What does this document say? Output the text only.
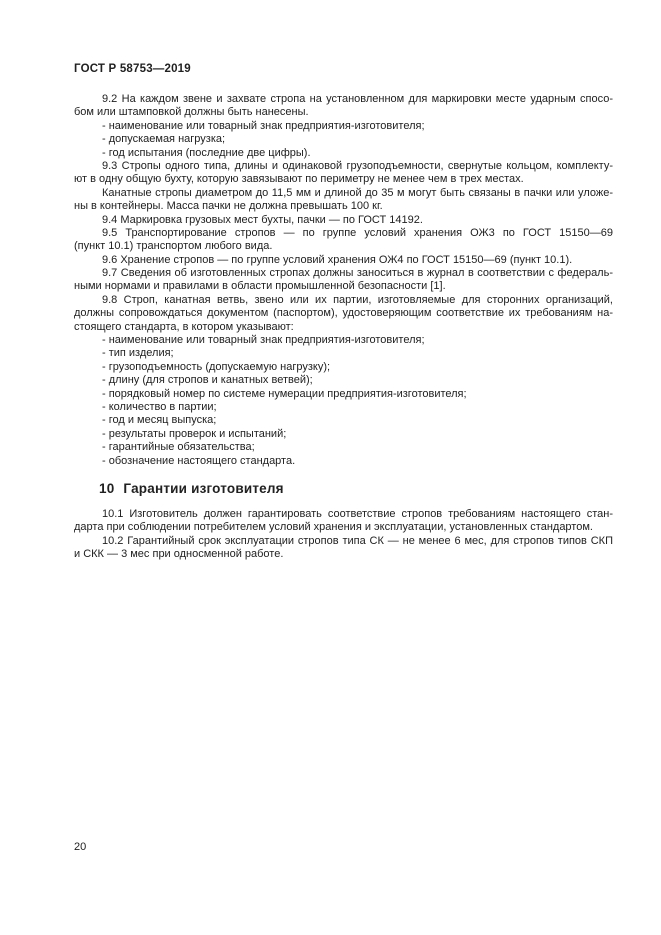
ГОСТ Р 58753—2019
9.2 На каждом звене и захвате стропа на установленном для маркировки месте ударным спосо-
бом или штамповкой должны быть нанесены.
- наименование или товарный знак предприятия-изготовителя;
- допускаемая нагрузка;
- год испытания (последние две цифры).
9.3 Стропы одного типа, длины и одинаковой грузоподъемности, свернутые кольцом, комплекту-
ют в одну общую бухту, которую завязывают по периметру не менее чем в трех местах.
Канатные стропы диаметром до 11,5 мм и длиной до 35 м могут быть связаны в пачки или уложе-
ны в контейнеры. Масса пачки не должна превышать 100 кг.
9.4 Маркировка грузовых мест бухты, пачки — по ГОСТ 14192.
9.5 Транспортирование стропов — по группе условий хранения ОЖ3 по ГОСТ 15150—69
(пункт 10.1) транспортом любого вида.
9.6 Хранение стропов — по группе условий хранения ОЖ4 по ГОСТ 15150—69 (пункт 10.1).
9.7 Сведения об изготовленных стропах должны заноситься в журнал в соответствии с федераль-
ными нормами и правилами в области промышленной безопасности [1].
9.8 Строп, канатная ветвь, звено или их партии, изготовляемые для сторонних организаций,
должны сопровождаться документом (паспортом), удостоверяющим соответствие их требованиям на-
стоящего стандарта, в котором указывают:
- наименование или товарный знак предприятия-изготовителя;
- тип изделия;
- грузоподъемность (допускаемую нагрузку);
- длину (для стропов и канатных ветвей);
- порядковый номер по системе нумерации предприятия-изготовителя;
- количество в партии;
- год и месяц выпуска;
- результаты проверок и испытаний;
- гарантийные обязательства;
- обозначение настоящего стандарта.
10 Гарантии изготовителя
10.1 Изготовитель должен гарантировать соответствие стропов требованиям настоящего стан-
дарта при соблюдении потребителем условий хранения и эксплуатации, установленных стандартом.
10.2 Гарантийный срок эксплуатации стропов типа СК — не менее 6 мес, для стропов типов СКП
и СКК — 3 мес при односменной работе.
20
